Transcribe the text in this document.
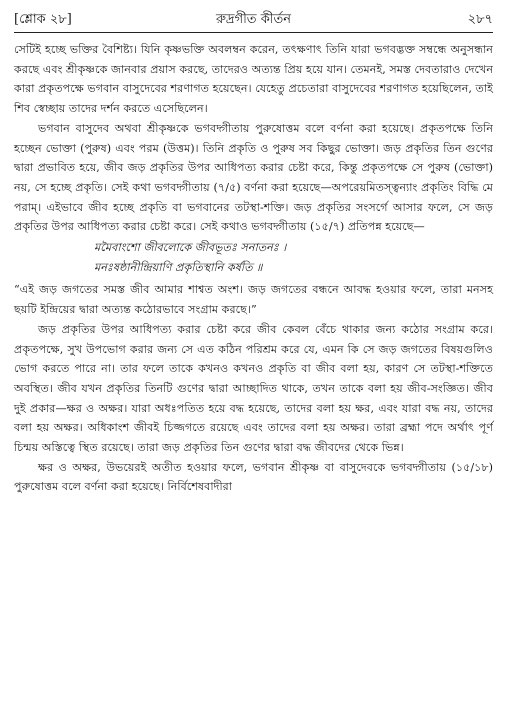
[শ্লোক ২৮]	রুদ্রগীত কীর্তন	২৮৭

সেটিই হচ্ছে ভক্তির বৈশিষ্ট্য। যিনি কৃষ্ণভক্তি অবলম্বন করেন, তৎক্ষণাৎ তিনি যারা ভগবদ্ভক্ত সম্বন্ধে অনুসন্ধান করছে এবং শ্রীকৃষ্ণকে জানবার প্রয়াস করছে, তাদেরও অত্যন্ত প্রিয় হয়ে যান। তেমনই, সমস্ত দেবতারাও দেখেন কারা প্রকৃতপক্ষে ভগবান বাসুদেবের শরণাগত হয়েছেন। যেহেতু প্রচেতারা বাসুদেবের শরণাগত হয়েছিলেন, তাই শিব স্বেচ্ছায় তাদের দর্শন করতে এসেছিলেন।

ভগবান বাসুদেব অথবা শ্রীকৃষ্ণকে ভগবদ্গীতায় পুরুষোত্তম বলে বর্ণনা করা হয়েছে। প্রকৃতপক্ষে তিনি হচ্ছেন ভোক্তা (পুরুষ) এবং পরম (উত্তম)। তিনি প্রকৃতি ও পুরুষ সব কিছুর ভোক্তা। জড় প্রকৃতির তিন গুণের দ্বারা প্রভাবিত হয়ে, জীব জড় প্রকৃতির উপর আধিপত্য করার চেষ্টা করে, কিন্তু প্রকৃতপক্ষে সে পুরুষ (ভোক্তা) নয়, সে হচ্ছে প্রকৃতি। সেই কথা ভগবদ্গীতায় (৭/৫) বর্ণনা করা হয়েছে—অপরেয়মিতস্ত্বন্যাং প্রকৃতিং বিদ্ধি মে পরাম্। এইভাবে জীব হচ্ছে প্রকৃতি বা ভগবানের তটস্থা-শক্তি। জড় প্রকৃতির সংসর্গে আসার ফলে, সে জড় প্রকৃতির উপর আধিপত্য করার চেষ্টা করে। সেই কথাও ভগবদ্গীতায় (১৫/৭) প্রতিপন্ন হয়েছে—

মমৈবাংশো জীবলোকে জীবভূতঃ সনাতনঃ ।
মনঃষষ্ঠানীন্দ্রিয়াণি প্রকৃতিস্থানি কর্ষতি ॥

“এই জড় জগতের সমস্ত জীব আমার শাশ্বত অংশ। জড় জগতের বন্ধনে আবদ্ধ হওয়ার ফলে, তারা মনসহ ছয়টি ইন্দ্রিয়ের দ্বারা অত্যন্ত কঠোরভাবে সংগ্রাম করছে।”

জড় প্রকৃতির উপর আধিপত্য করার চেষ্টা করে জীব কেবল বেঁচে থাকার জন্য কঠোর সংগ্রাম করে। প্রকৃতপক্ষে, সুখ উপভোগ করার জন্য সে এত কঠিন পরিশ্রম করে যে, এমন কি সে জড় জগতের বিষয়গুলিও ভোগ করতে পারে না। তার ফলে তাকে কখনও কখনও প্রকৃতি বা জীব বলা হয়, কারণ সে তটস্থা-শক্তিতে অবস্থিত। জীব যখন প্রকৃতির তিনটি গুণের দ্বারা আচ্ছাদিত থাকে, তখন তাকে বলা হয় জীব-সংজ্ঞিত। জীব দুই প্রকার—ক্ষর ও অক্ষর। যারা অধঃপতিত হয়ে বদ্ধ হয়েছে, তাদের বলা হয় ক্ষর, এবং যারা বদ্ধ নয়, তাদের বলা হয় অক্ষর। অধিকাংশ জীবই চিজ্জগতে রয়েছে এবং তাদের বলা হয় অক্ষর। তারা ব্রহ্মা পদে অর্থাৎ পূর্ণ চিন্ময় অস্তিত্বে স্থিত রয়েছে। তারা জড় প্রকৃতির তিন গুণের দ্বারা বদ্ধ জীবদের থেকে ভিন্ন।

ক্ষর ও অক্ষর, উভয়েরই অতীত হওয়ার ফলে, ভগবান শ্রীকৃষ্ণ বা বাসুদেবকে ভগবদ্গীতায় (১৫/১৮) পুরুষোত্তম বলে বর্ণনা করা হয়েছে। নির্বিশেষবাদীরা
